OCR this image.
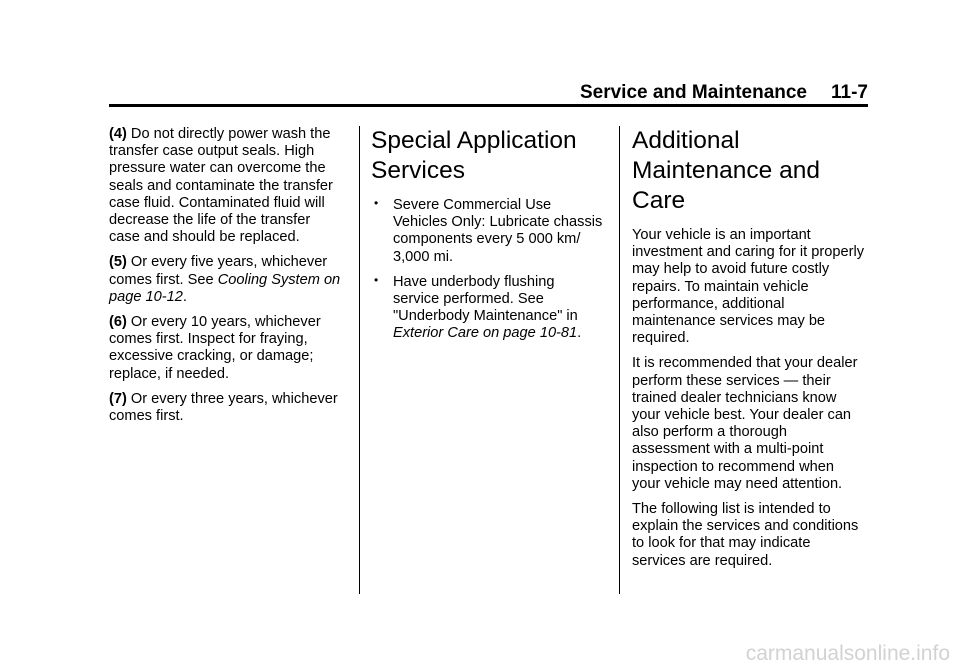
Service and Maintenance 11-7

(4) Do not directly power wash the transfer case output seals. High pressure water can overcome the seals and contaminate the transfer case fluid. Contaminated fluid will decrease the life of the transfer case and should be replaced.

(5) Or every five years, whichever comes first. See Cooling System on page 10-12.

(6) Or every 10 years, whichever comes first. Inspect for fraying, excessive cracking, or damage; replace, if needed.

(7) Or every three years, whichever comes first.

Special Application
Services
• Severe Commercial Use Vehicles Only: Lubricate chassis components every 5 000 km/ 3,000 mi.
• Have underbody flushing service performed. See "Underbody Maintenance" in Exterior Care on page 10-81.
Additional
Maintenance and Care

Your vehicle is an important investment and caring for it properly may help to avoid future costly repairs. To maintain vehicle performance, additional maintenance services may be required.

It is recommended that your dealer perform these services — their trained dealer technicians know your vehicle best. Your dealer can also perform a thorough assessment with a multi-point inspection to recommend when your vehicle may need attention.

The following list is intended to explain the services and conditions to look for that may indicate services are required.

carmanualsonline.info
